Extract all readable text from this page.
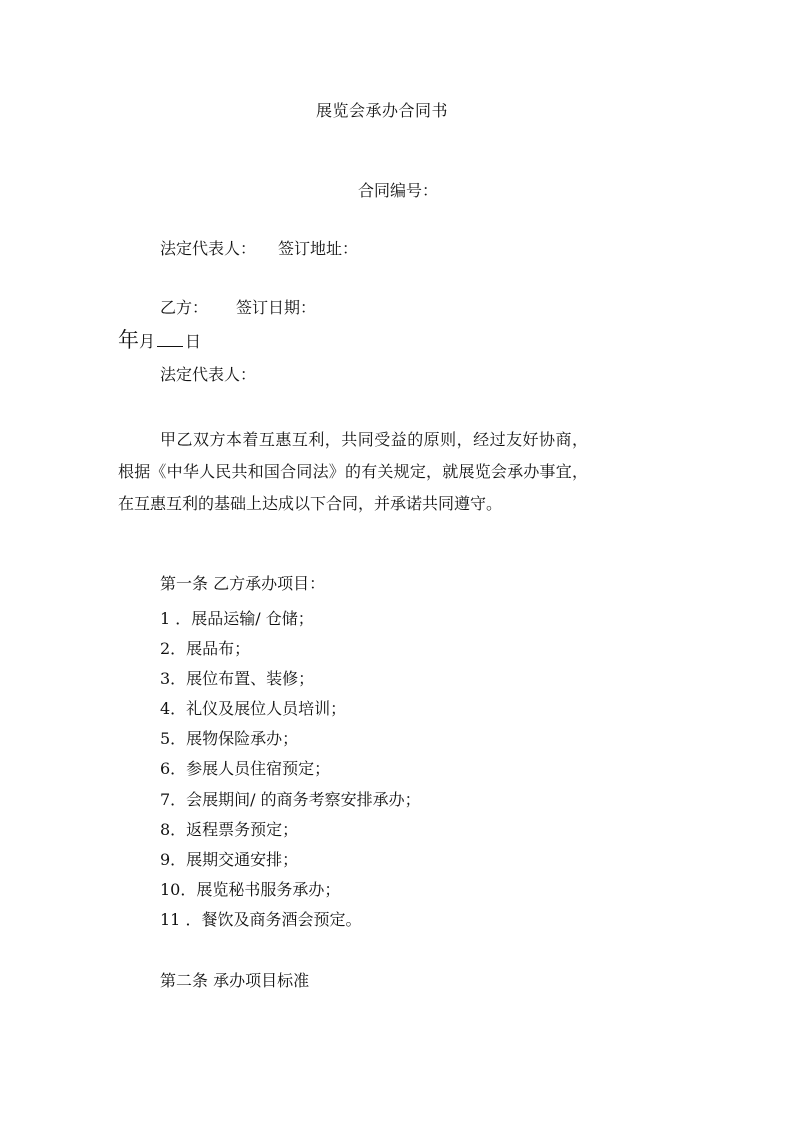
展览会承办合同书
合同编号：
法定代表人： 签订地址：
乙方： 签订日期：
年月 日
法定代表人：
甲乙双方本着互惠互利，共同受益的原则，经过友好协商，根据《中华人民共和国合同法》的有关规定，就展览会承办事宜，在互惠互利的基础上达成以下合同，并承诺共同遵守。
第一条 乙方承办项目：
1 ．展品运输/ 仓储；
2．展品布；
3．展位布置、装修；
4．礼仪及展位人员培训；
5．展物保险承办；
6．参展人员住宿预定；
7．会展期间/ 的商务考察安排承办；
8．返程票务预定；
9．展期交通安排；
10．展览秘书服务承办；
11 ．餐饮及商务酒会预定。
第二条 承办项目标准
